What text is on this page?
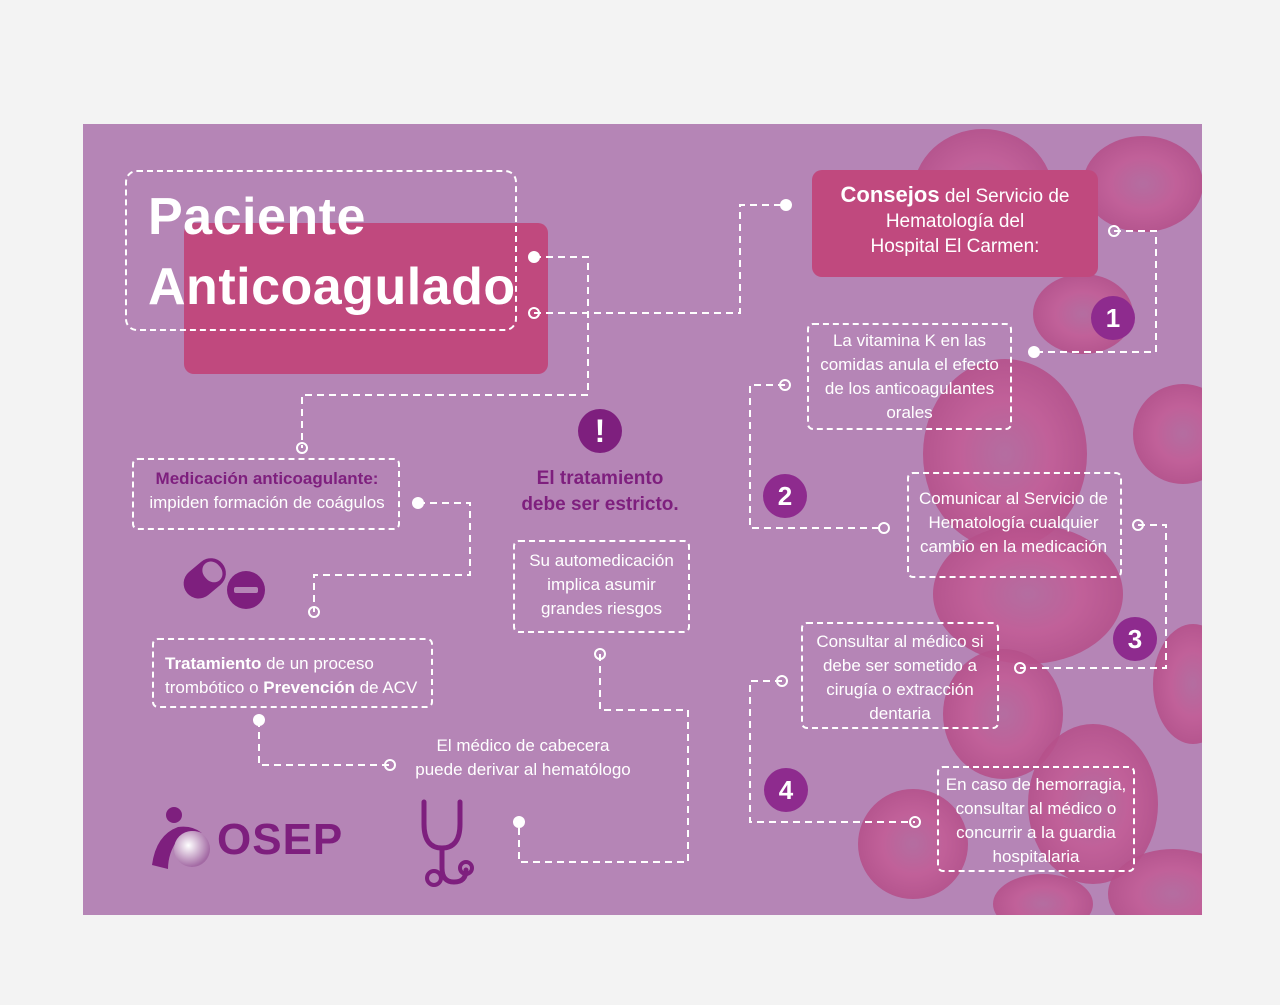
Paciente
Anticoagulado
Consejos del Servicio de
Hematología del
Hospital El Carmen:
Medicación anticoagulante:
impiden formación de coágulos
Tratamiento de un proceso
trombótico o Prevención de ACV
El médico de cabecera
puede derivar al hematólogo
OSEP
!
El tratamiento
debe ser estricto.
Su automedicación
implica asumir
grandes riesgos
1
La vitamina K en las
comidas anula el efecto
de los anticoagulantes
orales
2	Comunicar al Servicio de
Hematología cualquier
cambio en la medicación
3
Consultar al médico si
debe ser sometido a
cirugía o extracción
dentaria
4	En caso de hemorragia,
consultar al médico o
concurrir a la guardia
hospitalaria
